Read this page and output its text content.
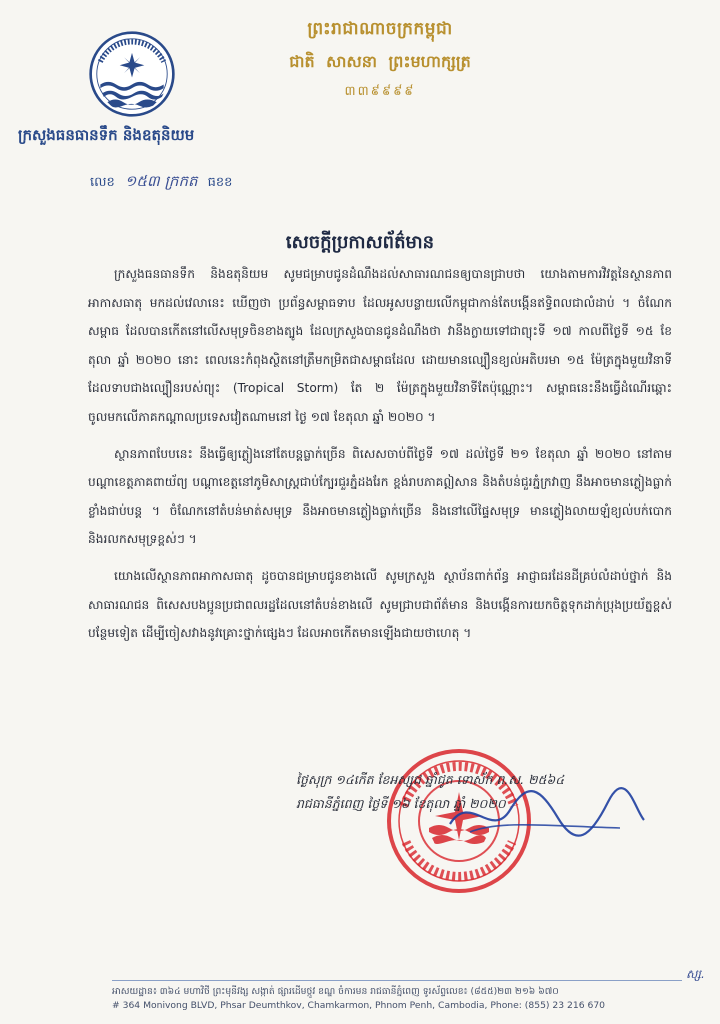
ព្រះរាជាណាចក្រកម្ពុជា
ជាតិ សាសនា ព្រះមហាក្សត្រ
៣៣៩៩៩៩
ក្រសួងធនធានទឹក និងឧតុនិយម
លេខ ១៥៣ ក្រកត ធខខ
សេចក្ដីប្រកាសព័ត៌មាន

ក្រសួងធនធានទឹក និងឧតុនិយម សូមជម្រាបជូនដំណឹងដល់សាធារណជនឲ្យបានជ្រាបថា យោងតាមការវិវត្តនៃស្ថានភាពអាកាសធាតុ មកដល់វេលានេះ ឃើញថា ប្រព័ន្ធសម្ពាធទាប ដែលអូសបន្លាយលើកម្ពុជាកាន់តែបង្កើនឥទ្ធិពលជាលំដាប់ ។ ចំណែកសម្ពាធ ដែលបានកើតនៅលើសមុទ្រចិនខាងត្បូង ដែលក្រសួងបានជូនដំណឹងថា វានឹងក្លាយទៅជាព្យុះទី ១៧ កាលពីថ្ងៃទី ១៥ ខែតុលា ឆ្នាំ ២០២០ នោះ ពេលនេះកំពុងស្ថិតនៅត្រឹមកម្រិតជាសម្ពាធដែល ដោយមានល្បឿនខ្យល់អតិបរមា ១៥ ម៉ែត្រក្នុងមួយវិនាទី ដែលទាបជាងល្បឿនរបស់ព្យុះ (Tropical Storm) តែ ២ ម៉ែត្រក្នុងមួយវិនាទីតែប៉ុណ្ណោះ។ សម្ពាធនេះនឹងធ្វើដំណើរឆ្ពោះចូលមកលើភាគកណ្ដាលប្រទេសវៀតណាមនៅ ថ្ងៃ ១៧ ខែតុលា ឆ្នាំ ២០២០ ។

ស្ថានភាពបែបនេះ នឹងធ្វើឲ្យភ្លៀងនៅតែបន្តធ្លាក់ច្រើន ពិសេសចាប់ពីថ្ងៃទី ១៧ ដល់ថ្ងៃទី ២១ ខែតុលា ឆ្នាំ ២០២០ នៅតាមបណ្ដាខេត្តភាគពាយ័ព្យ បណ្ដាខេត្តនៅភូមិសាស្ត្រជាប់ក្បែរជួរភ្នំដងរែក ខ្ពង់រាបភាគឦសាន និងតំបន់ជួរភ្នំក្រវាញ នឹងអាចមានភ្លៀងធ្លាក់ខ្លាំងជាប់បន្ត ។ ចំណែកនៅតំបន់មាត់សមុទ្រ នឹងអាចមានភ្លៀងធ្លាក់ច្រើន និងនៅលើផ្ទៃសមុទ្រ មានភ្លៀងលាយឡំខ្យល់បក់បោក និងរលកសមុទ្រខ្ពស់ៗ ។

យោងលើស្ថានភាពអាកាសធាតុ ដូចបានជម្រាបជូនខាងលើ សូមក្រសួង ស្ថាប័នពាក់ព័ន្ធ អាជ្ញាធរដែនដីគ្រប់លំដាប់ថ្នាក់ និងសាធារណជន ពិសេសបងប្អូនប្រជាពលរដ្ឋដែលនៅតំបន់ខាងលើ សូមជ្រាបជាព័ត៌មាន និងបង្កើនការយកចិត្តទុកដាក់ប្រុងប្រយ័ត្នខ្ពស់បន្ថែមទៀត ដើម្បីចៀសវាងនូវគ្រោះថ្នាក់ផ្សេងៗ ដែលអាចកើតមានឡើងជាយថាហេតុ ។

ថ្ងៃសុក្រ ១៤កើត ខែអស្សុជ ឆ្នាំជូត ទោស័ក ព.ស. ២៥៦៤
រាជធានីភ្នំពេញ ថ្ងៃទី ១៦ ខែតុលា ឆ្នាំ ២០២០
ស្ស.
អាសយដ្ឋាន៖ ៣៦៤ មហាវិថី ព្រះមុនីវង្ស សង្កាត់ ផ្សារដើមថ្កូវ ខណ្ឌ ចំការមន រាជធានីភ្នំពេញ ទូរស័ព្ទលេខ៖ (៨៥៥)២៣ ២១៦ ៦៧០
# 364 Monivong BLVD, Phsar Deumthkov, Chamkarmon, Phnom Penh, Cambodia, Phone: (855) 23 216 670
